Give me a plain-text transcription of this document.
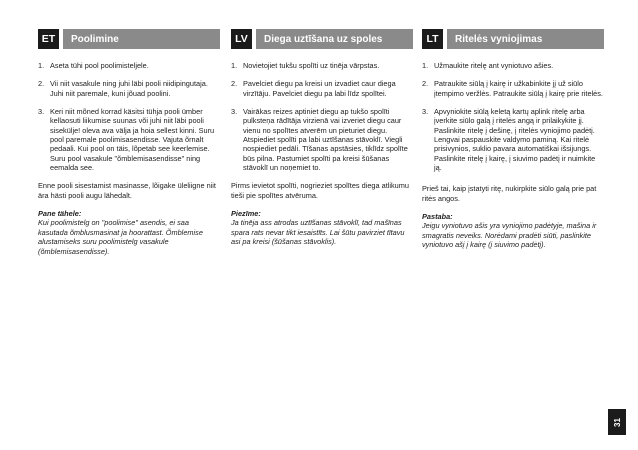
ET	Poolimine
1. Aseta tühi pool poolimisteljele.
2. Vii niit vasakule ning juhi läbi pooli niidipingutaja. Juhi niit paremale, kuni jõuad poolini.
3. Keri niit mõned korrad käsitsi tühja pooli ümber kellaosuti liikumise suunas või juhi niit läbi pooli sisekülje! oleva ava välja ja hoia sellest kinni. Suru pool paremale poolimisasendisse. Vajuta õrnalt pedaali. Kui pool on täis, lõpetab see keerlemise. Suru pool vasakule "õmblemisasendisse" ning eemalda see.

Enne pooli sisestamist masinasse, lõigake üleliigne niit ära hästi pooli augu lähedalt.

Pane tähele:

Kui poolimistelg on "poolimise" asendis, ei saa kasutada õmblusmasinat ja hoorattast. Õmblemise alustamiseks suru poolimistelg vasakule (õmblemisasendisse).

LV	Diega uztīšana uz spoles
1. Novietojiet tukšu spolīti uz tinēja vārpstas.
2. Pavelciet diegu pa kreisi un izvadiet caur diega virzītāju. Pavelciet diegu pa labi līdz spolītei.
3. Vairākas reizes aptiniet diegu ap tukšo spolīti pulksteņa rādītāja virzienā vai izveriet diegu caur vienu no spolītes atverēm un pieturiet diegu. Atspiediet spolīti pa labi uztīšanas stāvoklī. Viegli nospiediet pedāli. Tīšanas apstāsies, tiklīdz spolīte būs pilna. Pastumiet spolīti pa kreisi šūšanas stāvoklī un noņemiet to.

Pirms ievietot spolīti, nogrieziet spolītes diega atlikumu tieši pie spolītes atvēruma.

Piezīme:

Ja tinēja ass atrodas uztīšanas stāvoklī, tad mašīnas spara rats nevar tikt iesaistīts. Lai šūtu pavirziet tītavu asi pa kreisi (šūšanas stāvoklis).

LT	Ritelės vyniojimas
1. Užmaukite ritelę ant vyniotuvo ašies.
2. Patraukite siūlą į kairę ir užkabinkite jį už siūlo įtempimo veržlės. Patraukite siūlą į kairę prie ritelės.
3. Apvyniokite siūlą keletą kartų aplink ritelę arba įverkite siūlo galą į ritelės angą ir prilaikykite jį. Paslinkite ritelę į dešinę, į ritelės vyniojimo padėtį. Lengvai paspauskite valdymo paminą. Kai ritelė prisivynios, suklio pavara automatiškai išsijungs. Paslinkite ritelę į kairę, į siuvimo padėtį ir nuimkite ją.

Prieš tai, kaip įstatyti ritę, nukirpkite siūlo galą prie pat ritės angos.

Pastaba:

Jeigu vyniotuvo ašis yra vyniojimo padėtyje, mašina ir smagratis neveiks. Norėdami pradėti siūti, paslinkite vyniotuvo ašį į kairę (į siuvimo padėtį).

31
